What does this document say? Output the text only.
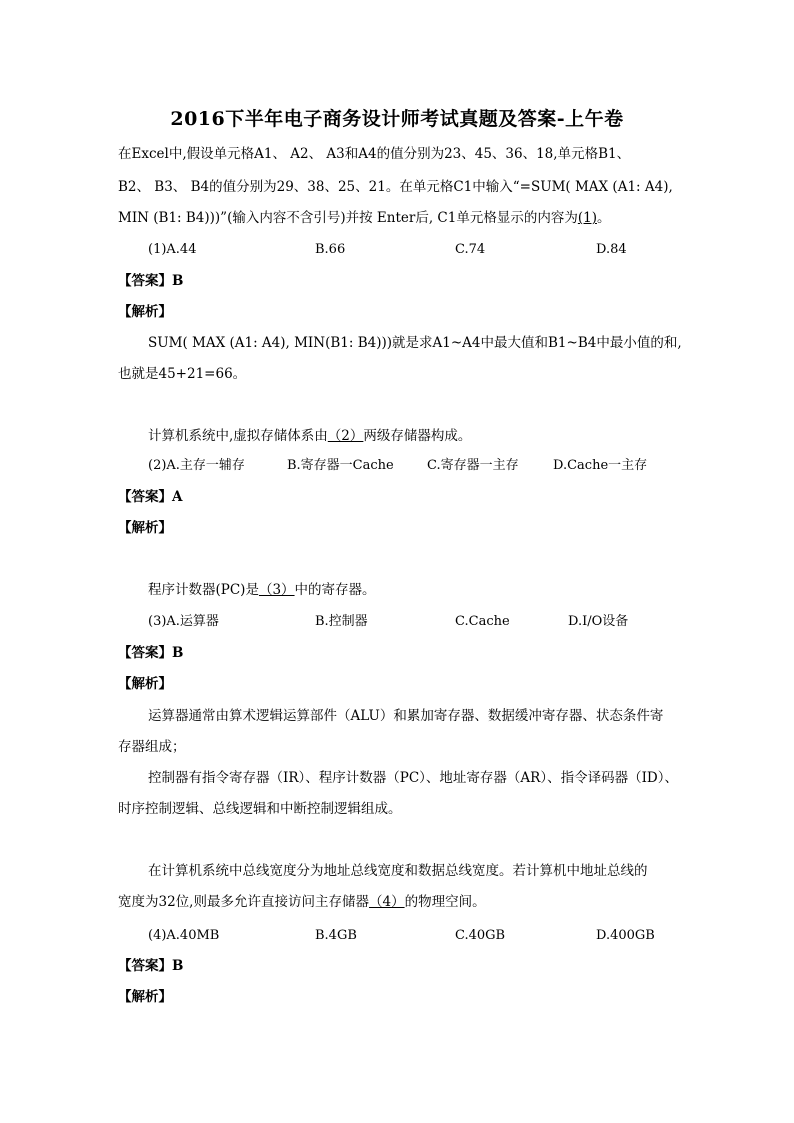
2016下半年电子商务设计师考试真题及答案-上午卷
在Excel中,假设单元格A1、 A2、 A3和A4的值分别为23、45、36、18,单元格B1、
B2、 B3、 B4的值分别为29、38、25、21。在单元格C1中输入“=SUM( MAX (A1: A4),
MIN (B1: B4)))”(输入内容不含引号)并按 Enter后, C1单元格显示的内容为(1)。
(1)A.44	B.66	C.74	D.84
【答案】B
【解析】
SUM( MAX (A1: A4), MIN(B1: B4)))就是求A1~A4中最大值和B1~B4中最小值的和,
也就是45+21=66。
计算机系统中,虚拟存储体系由（2）两级存储器构成。
(2)A.主存一辅存	B.寄存器一Cache	C.寄存器一主存	D.Cache一主存
【答案】A
【解析】
程序计数器(PC)是（3）中的寄存器。
(3)A.运算器	B.控制器	C.Cache	D.I/O设备
【答案】B
【解析】
运算器通常由算术逻辑运算部件（ALU）和累加寄存器、数据缓冲寄存器、状态条件寄
存器组成；
控制器有指令寄存器（IR）、程序计数器（PC）、地址寄存器（AR）、指令译码器（ID）、
时序控制逻辑、总线逻辑和中断控制逻辑组成。
在计算机系统中总线宽度分为地址总线宽度和数据总线宽度。若计算机中地址总线的
宽度为32位,则最多允许直接访问主存储器（4）的物理空间。
(4)A.40MB	B.4GB	C.40GB	D.400GB
【答案】B
【解析】
